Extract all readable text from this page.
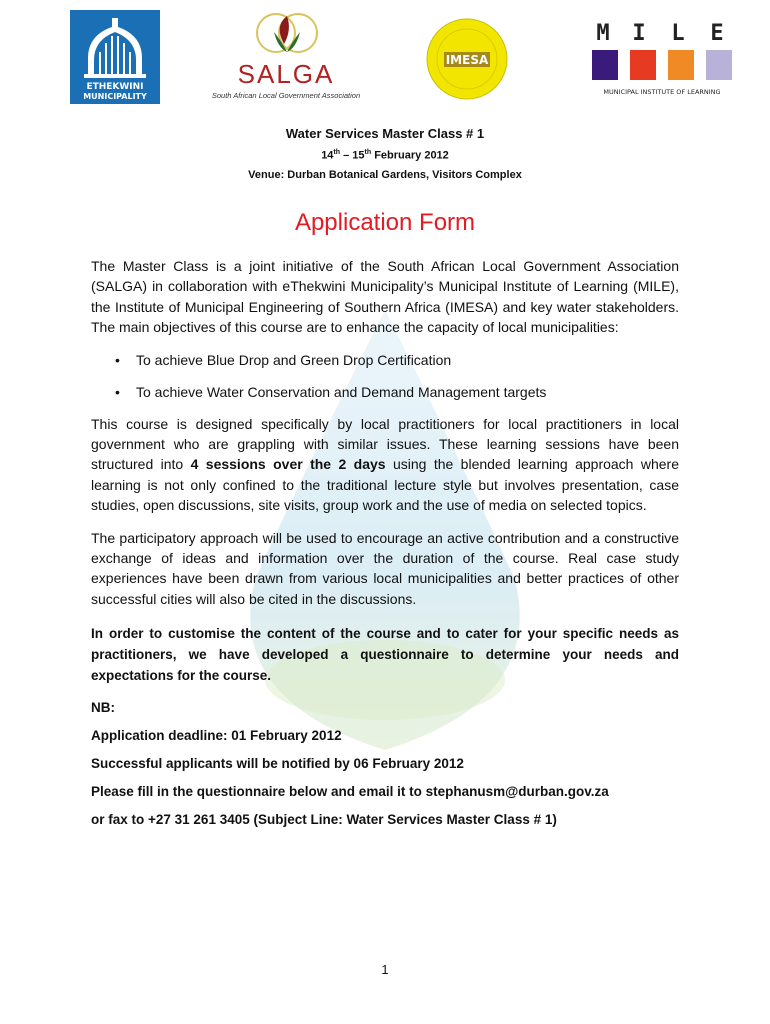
ETHEKWINI
MUNICIPALITY
SALGA
South African Local Government Association
IMESA
M I L E
MUNICIPAL INSTITUTE OF LEARNING

Water Services Master Class # 1

14th – 15th February 2012

Venue: Durban Botanical Gardens, Visitors Complex

Application Form

The Master Class is a joint initiative of the South African Local Government Association (SALGA) in collaboration with eThekwini Municipality’s Municipal Institute of Learning (MILE), the Institute of Municipal Engineering of Southern Africa (IMESA) and key water stakeholders. The main objectives of this course are to enhance the capacity of local municipalities:

• To achieve Blue Drop and Green Drop Certification
• To achieve Water Conservation and Demand Management targets

This course is designed specifically by local practitioners for local practitioners in local government who are grappling with similar issues. These learning sessions have been structured into 4 sessions over the 2 days using the blended learning approach where learning is not only confined to the traditional lecture style but involves presentation, case studies, open discussions, site visits, group work and the use of media on selected topics.

The participatory approach will be used to encourage an active contribution and a constructive exchange of ideas and information over the duration of the course. Real case study experiences have been drawn from various local municipalities and better practices of other successful cities will also be cited in the discussions.

In order to customise the content of the course and to cater for your specific needs as practitioners, we have developed a questionnaire to determine your needs and expectations for the course.

NB:

Application deadline: 01 February 2012

Successful applicants will be notified by 06 February 2012

Please fill in the questionnaire below and email it to stephanusm@durban.gov.za

or fax to +27 31 261 3405 (Subject Line: Water Services Master Class # 1)

1
